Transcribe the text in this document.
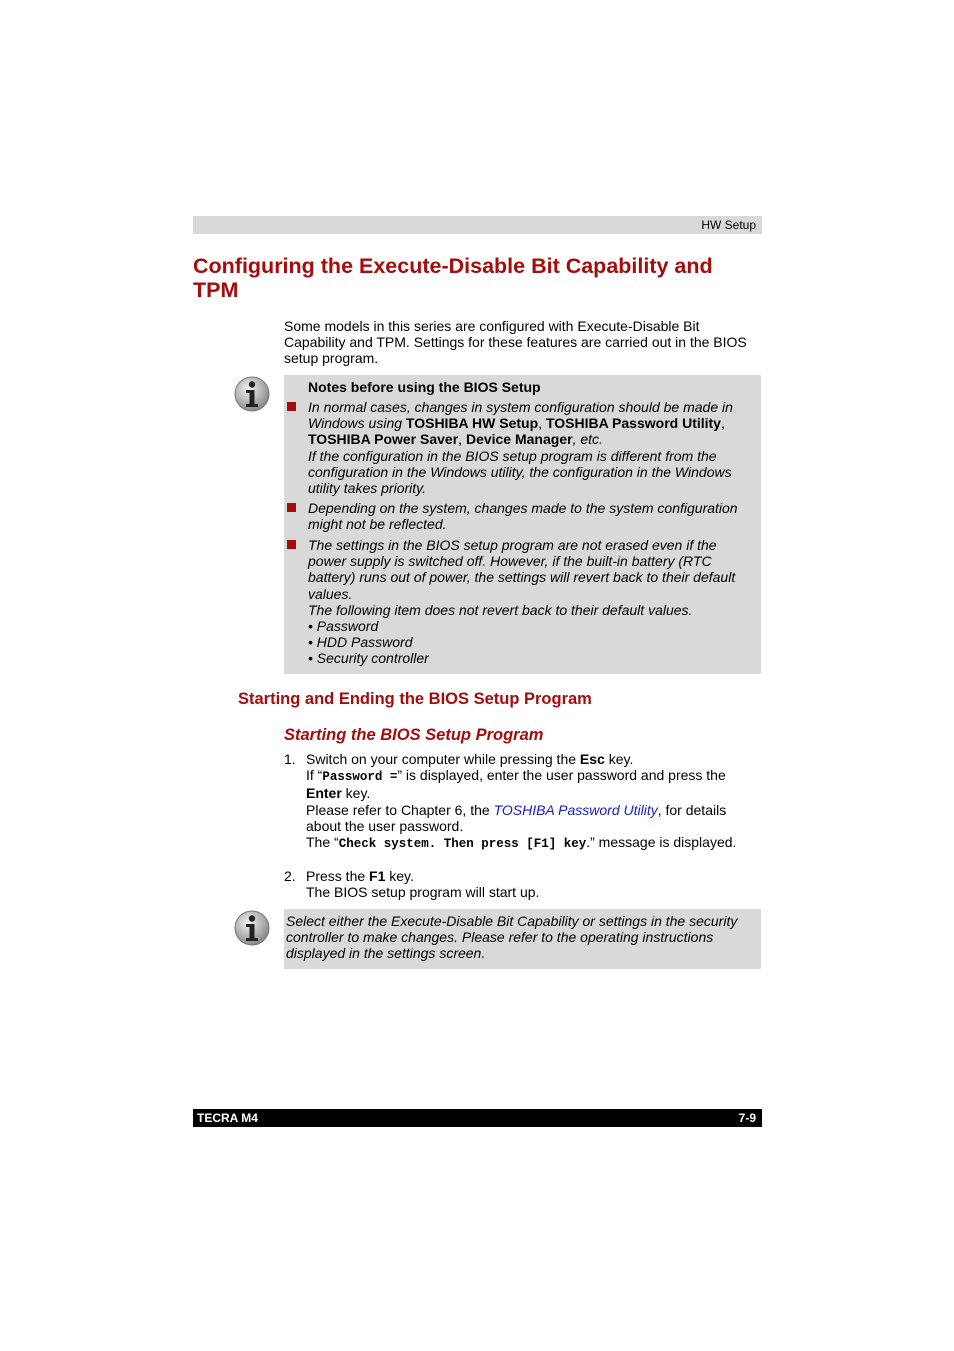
HW Setup
Configuring the Execute-Disable Bit Capability and TPM
Some models in this series are configured with Execute-Disable Bit Capability and TPM. Settings for these features are carried out in the BIOS setup program.
Notes before using the BIOS Setup
In normal cases, changes in system configuration should be made in Windows using TOSHIBA HW Setup, TOSHIBA Password Utility, TOSHIBA Power Saver, Device Manager, etc.
If the configuration in the BIOS setup program is different from the configuration in the Windows utility, the configuration in the Windows utility takes priority.
Depending on the system, changes made to the system configuration might not be reflected.
The settings in the BIOS setup program are not erased even if the power supply is switched off. However, if the built-in battery (RTC battery) runs out of power, the settings will revert back to their default values.
The following item does not revert back to their default values.
• Password
• HDD Password
• Security controller
Starting and Ending the BIOS Setup Program
Starting the BIOS Setup Program
1. Switch on your computer while pressing the Esc key.
If “Password =” is displayed, enter the user password and press the Enter key.
Please refer to Chapter 6, the TOSHIBA Password Utility, for details about the user password.
The “Check system. Then press [F1] key.” message is displayed.
2. Press the F1 key.
The BIOS setup program will start up.
Select either the Execute-Disable Bit Capability or settings in the security controller to make changes. Please refer to the operating instructions displayed in the settings screen.
TECRA M4	7-9
